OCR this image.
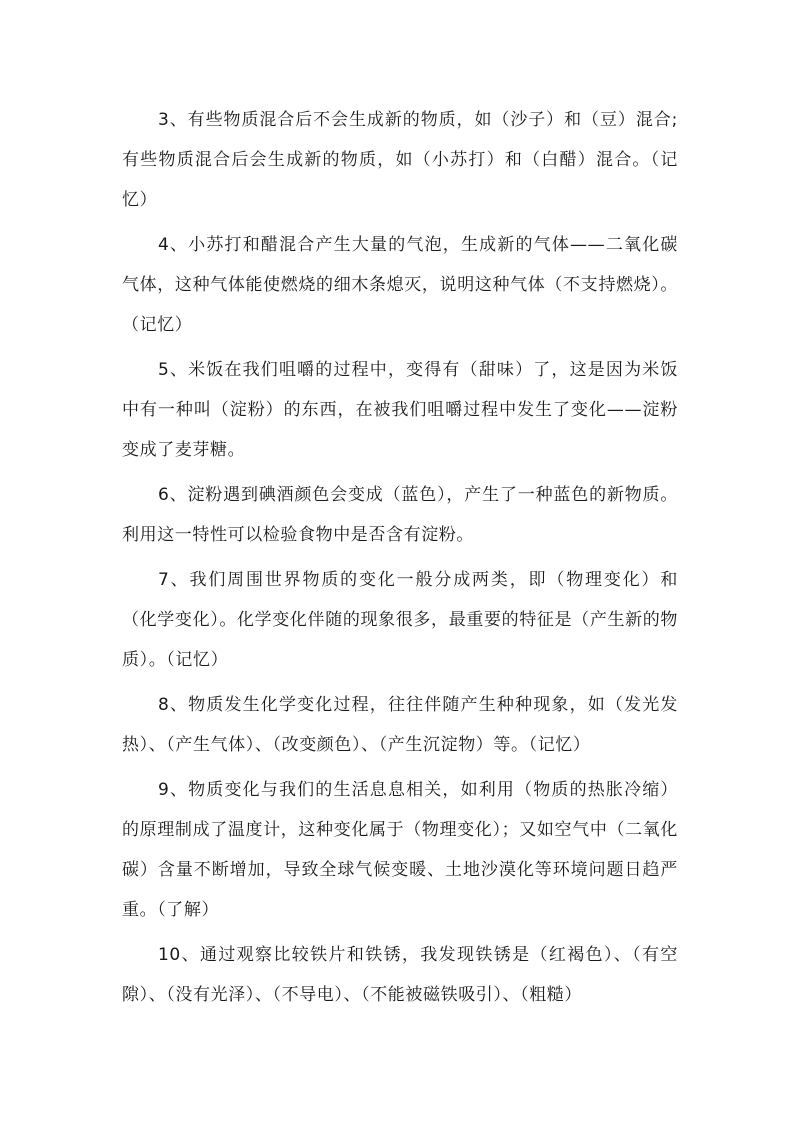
3、有些物质混合后不会生成新的物质，如（沙子）和（豆）混合; 有些物质混合后会生成新的物质，如（小苏打）和（白醋）混合。（记忆）

4、小苏打和醋混合产生大量的气泡，生成新的气体——二氧化碳气体，这种气体能使燃烧的细木条熄灭，说明这种气体（不支持燃烧）。（记忆）

5、米饭在我们咀嚼的过程中，变得有（甜味）了，这是因为米饭中有一种叫（淀粉）的东西，在被我们咀嚼过程中发生了变化——淀粉变成了麦芽糖。

6、淀粉遇到碘酒颜色会变成（蓝色），产生了一种蓝色的新物质。利用这一特性可以检验食物中是否含有淀粉。

7、我们周围世界物质的变化一般分成两类，即（物理变化）和（化学变化）。化学变化伴随的现象很多，最重要的特征是（产生新的物质）。（记忆）

8、物质发生化学变化过程，往往伴随产生种种现象，如（发光发热）、（产生气体）、（改变颜色）、（产生沉淀物）等。（记忆）

9、物质变化与我们的生活息息相关，如利用（物质的热胀冷缩）的原理制成了温度计，这种变化属于（物理变化）；又如空气中（二氧化碳）含量不断增加，导致全球气候变暖、土地沙漠化等环境问题日趋严重。（了解）

10、通过观察比较铁片和铁锈，我发现铁锈是（红褐色）、（有空隙）、（没有光泽）、（不导电）、（不能被磁铁吸引）、（粗糙）
